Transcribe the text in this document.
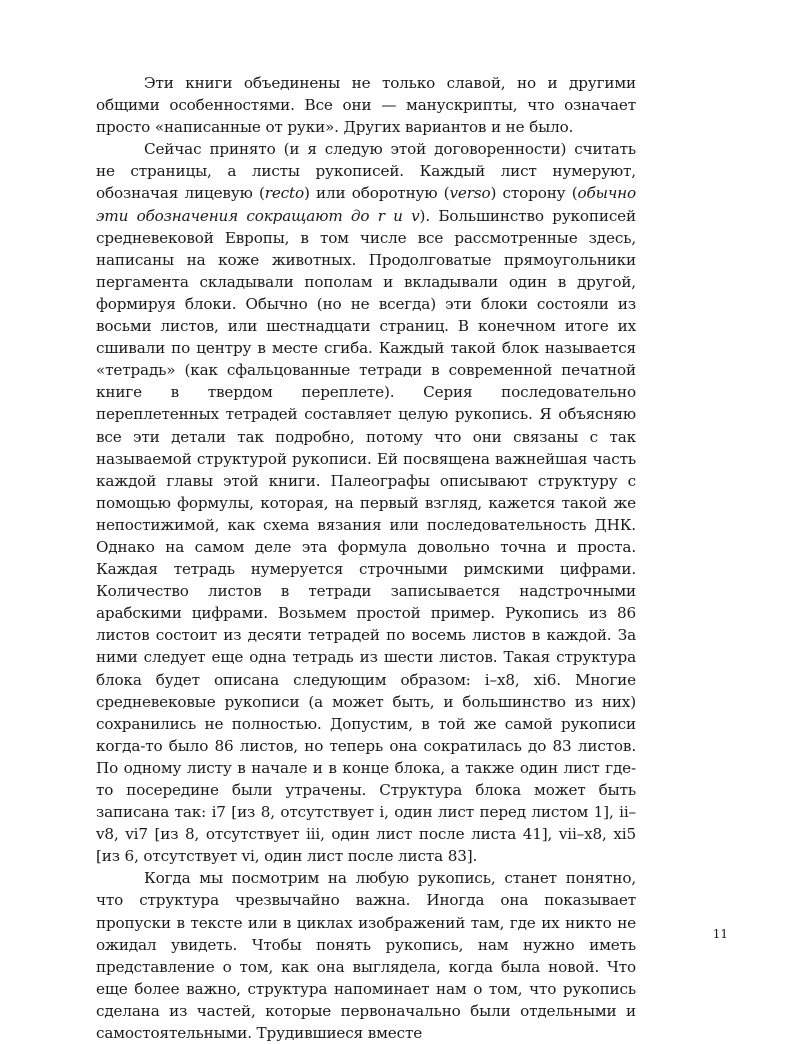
Эти книги объединены не только славой, но и другими общими особенностями. Все они — манускрипты, что означает просто «написанные от руки». Других вариантов и не было.

Сейчас принято (и я следую этой договоренности) считать не страницы, а листы рукописей. Каждый лист нумеруют, обозначая лицевую (recto) или оборотную (verso) сторону (обычно эти обозначения сокращают до r и v). Большинство рукописей средневековой Европы, в том числе все рассмотренные здесь, написаны на коже животных. Продолговатые прямоугольники пергамента складывали пополам и вкладывали один в другой, формируя блоки. Обычно (но не всегда) эти блоки состояли из восьми листов, или шестнадцати страниц. В конечном итоге их сшивали по центру в месте сгиба. Каждый такой блок называется «тетрадь» (как сфальцованные тетради в современной печатной книге в твердом переплете). Серия последовательно переплетенных тетрадей составляет целую рукопись. Я объясняю все эти детали так подробно, потому что они связаны с так называемой структурой рукописи. Ей посвящена важнейшая часть каждой главы этой книги. Палеографы описывают структуру с помощью формулы, которая, на первый взгляд, кажется такой же непостижимой, как схема вязания или последовательность ДНК. Однако на самом деле эта формула довольно точна и проста. Каждая тетрадь нумеруется строчными римскими цифрами. Количество листов в тетради записывается надстрочными арабскими цифрами. Возьмем простой пример. Рукопись из 86 листов состоит из десяти тетрадей по восемь листов в каждой. За ними следует еще одна тетрадь из шести листов. Такая структура блока будет описана следующим образом: i–x8, xi6. Многие средневековые рукописи (а может быть, и большинство из них) сохранились не полностью. Допустим, в той же самой рукописи когда-то было 86 листов, но теперь она сократилась до 83 листов. По одному листу в начале и в конце блока, а также один лист где-то посередине были утрачены. Структура блока может быть записана так: i7 [из 8, отсутствует i, один лист перед листом 1], ii–v8, vi7 [из 8, отсутствует iii, один лист после листа 41], vii–x8, xi5 [из 6, отсутствует vi, один лист после листа 83].

Когда мы посмотрим на любую рукопись, станет понятно, что структура чрезвычайно важна. Иногда она показывает пропуски в тексте или в циклах изображений там, где их никто не ожидал увидеть. Чтобы понять рукопись, нам нужно иметь представление о том, как она выглядела, когда была новой. Что еще более важно, структура напоминает нам о том, что рукопись сделана из частей, которые первоначально были отдельными и самостоятельными. Трудившиеся вместе

11
